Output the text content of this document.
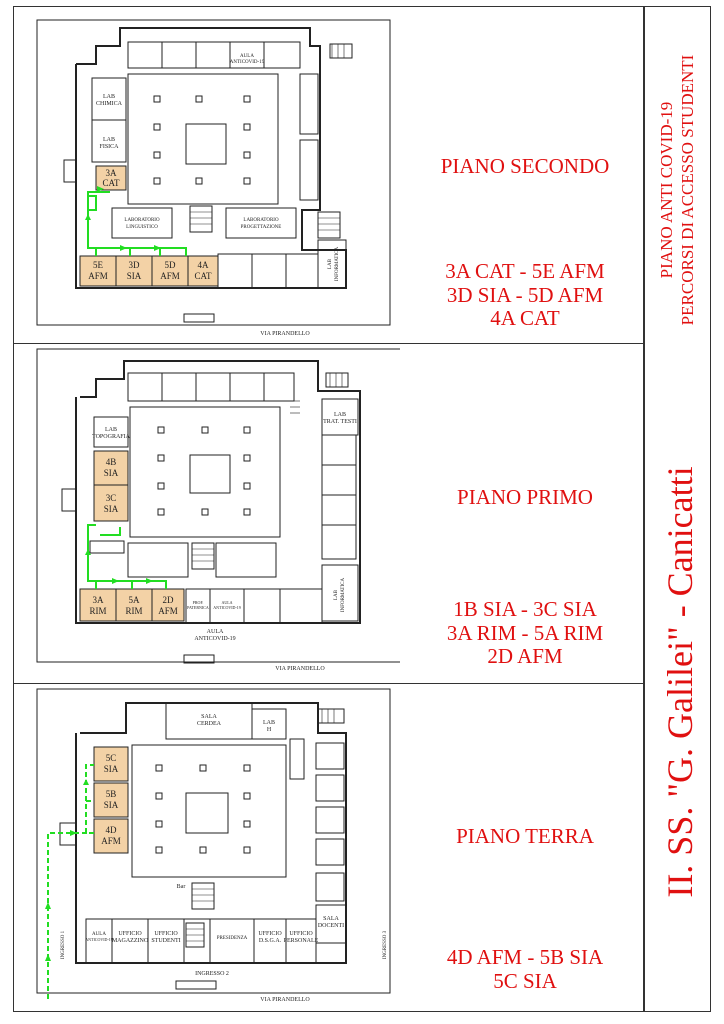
LAB
CHIMICA
LAB
FISICA
AULA
ANTICOVID-19
LABORATORIO
LINGUISTICO
LABORATORIO
PROGETTAZIONE
VIA PIRANDELLO
LAB INFORMATICA
3A
CAT
5E
AFM
3D
SIA
5D
AFM
4A
CAT
PIANO SECONDO
3A CAT - 5E AFM
3D SIA - 5D AFM
4A CAT
LAB
TOPOGRAFIA
LAB
TRAT. TESTI
AULA
ANTICOVID-19
AULA
ANTICOVID-19
PROF.
PATERNICA
VIA PIRANDELLO
LAB INFORMATICA
4B
SIA
3C
SIA
3A
RIM
5A
RIM
2D
AFM
PIANO PRIMO
1B SIA - 3C SIA
3A RIM - 5A RIM
2D AFM
SALA
CERDEA	LAB
H
Bar
AULA
ANTICOVID-19
UFFICIO
MAGAZZINO
UFFICIO
STUDENTI	PRESIDENZA
UFFICIO
D.S.G.A.
UFFICIO
PERSONALE
SALA
DOCENTI
INGRESSO 2
VIA PIRANDELLO
INGRESSO 1	INGRESSO 3
5C
SIA
5B
SIA
4D
AFM	PIANO TERRA
4D AFM - 5B SIA
5C SIA
PIANO ANTI COVID-19 PERCORSI DI ACCESSO STUDENTI
II. SS. "G. Galilei" - Canicatti
